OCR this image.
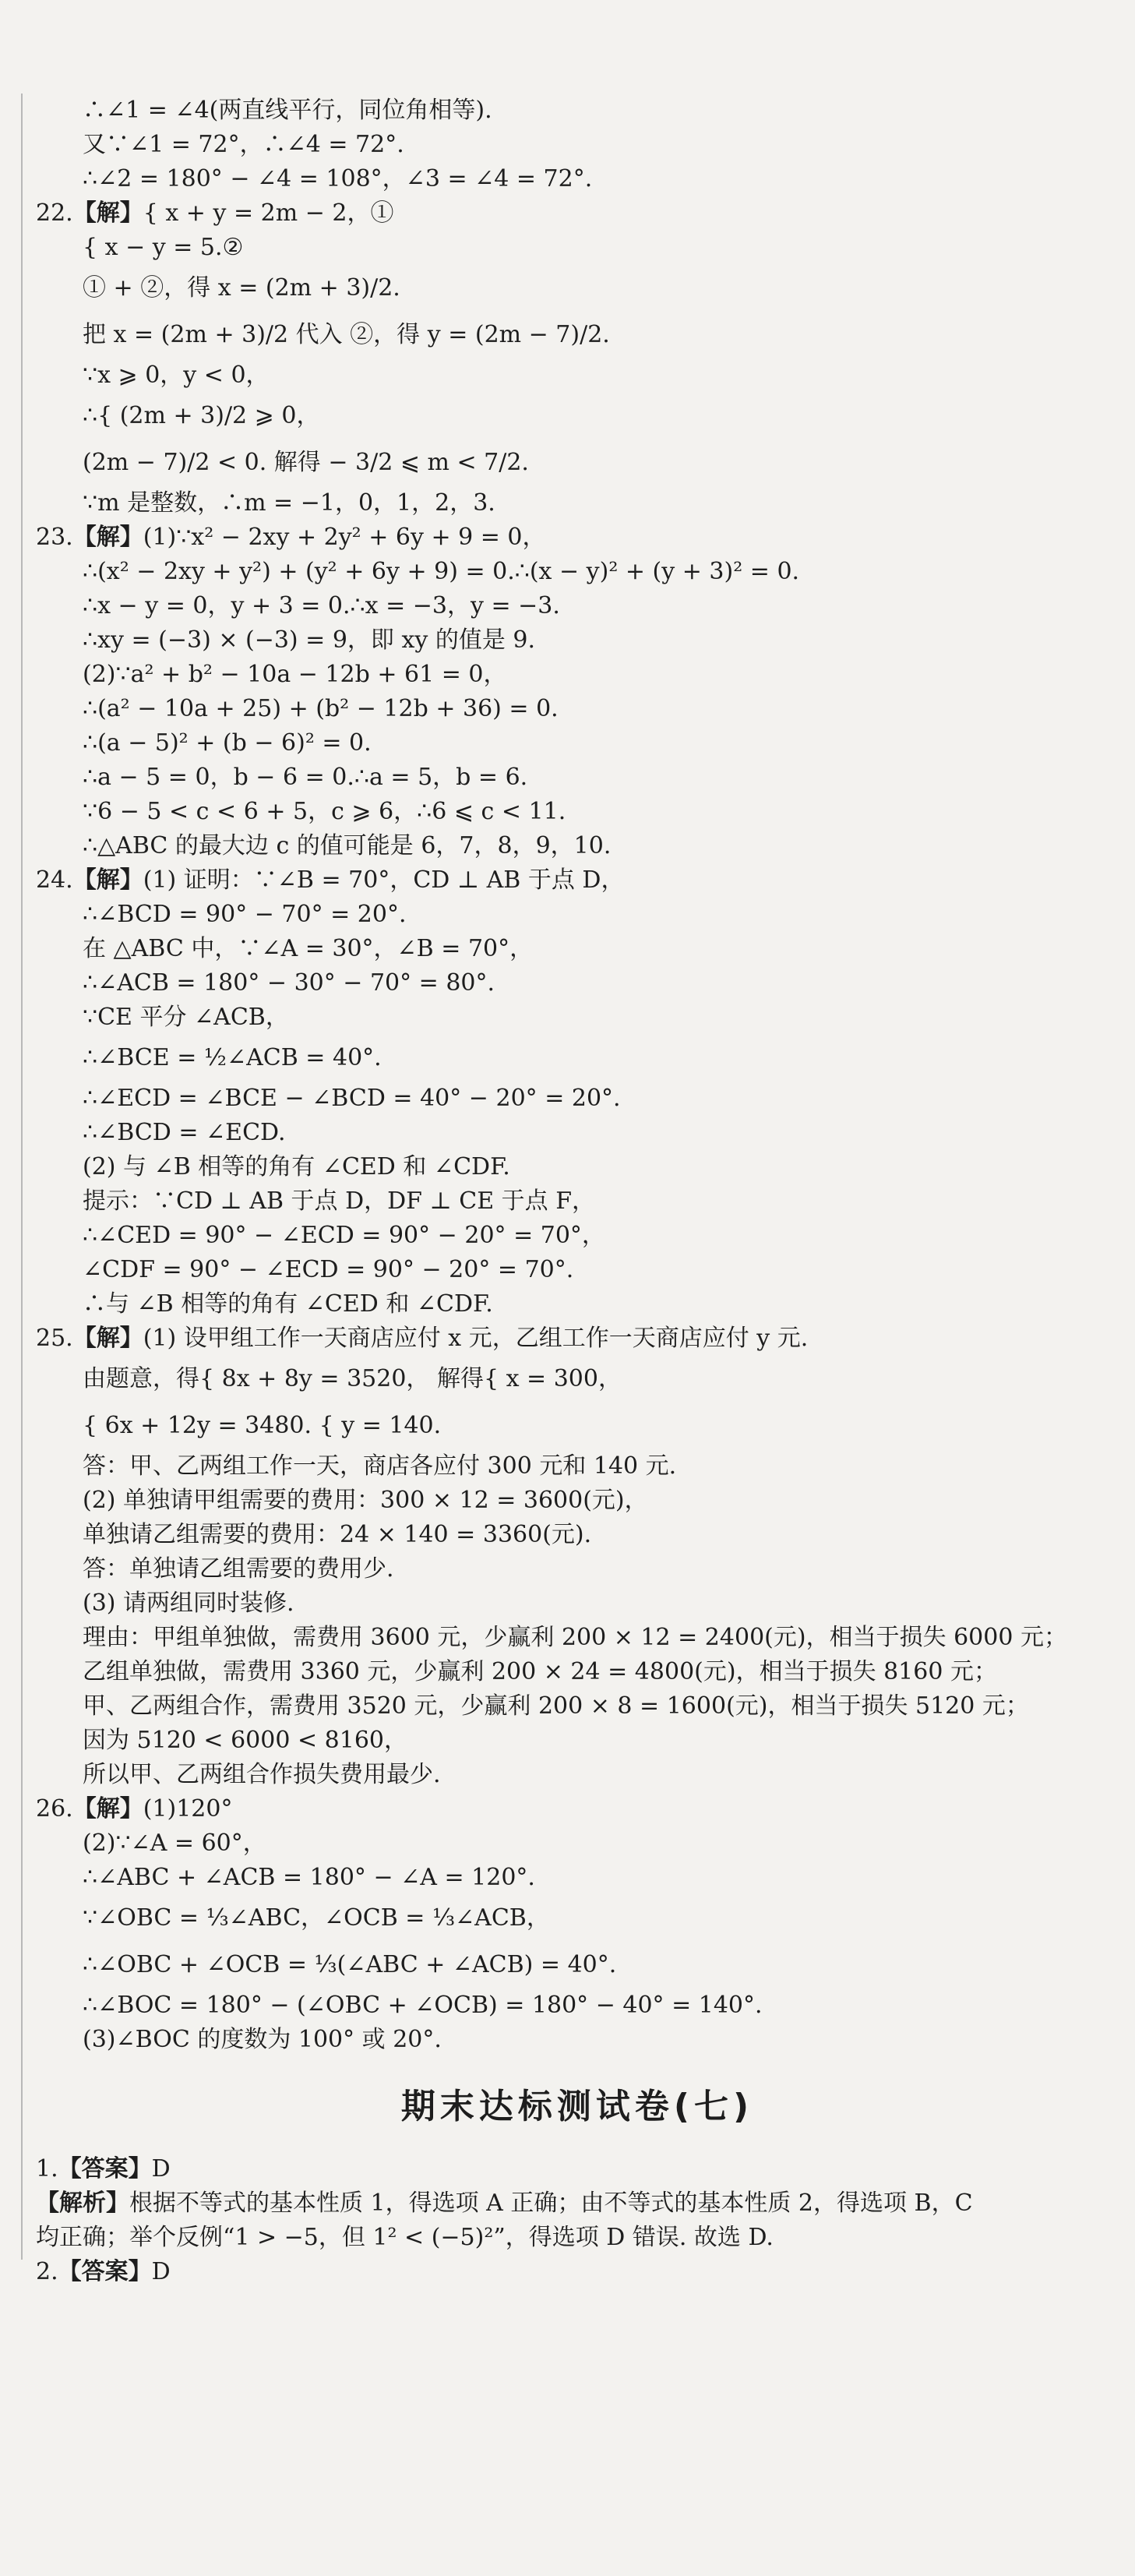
∴∠1 = ∠4(两直线平行，同位角相等).
又∵∠1 = 72°，∴∠4 = 72°.
∴∠2 = 180° − ∠4 = 108°，∠3 = ∠4 = 72°.
22.【解】{ x + y = 2m − 2，①
{ x − y = 5.②
① + ②，得 x = (2m + 3)/2.
把 x = (2m + 3)/2 代入 ②，得 y = (2m − 7)/2.
∵x ⩾ 0，y < 0，
∴{ (2m + 3)/2 ⩾ 0，
(2m − 7)/2 < 0. 解得 − 3/2 ⩽ m < 7/2.
∵m 是整数，∴m = −1，0，1，2，3.
23.【解】(1)∵x² − 2xy + 2y² + 6y + 9 = 0，
∴(x² − 2xy + y²) + (y² + 6y + 9) = 0.∴(x − y)² + (y + 3)² = 0.
∴x − y = 0，y + 3 = 0.∴x = −3，y = −3.
∴xy = (−3) × (−3) = 9，即 xy 的值是 9.
(2)∵a² + b² − 10a − 12b + 61 = 0，
∴(a² − 10a + 25) + (b² − 12b + 36) = 0.
∴(a − 5)² + (b − 6)² = 0.
∴a − 5 = 0，b − 6 = 0.∴a = 5，b = 6.
∵6 − 5 < c < 6 + 5，c ⩾ 6，∴6 ⩽ c < 11.
∴△ABC 的最大边 c 的值可能是 6，7，8，9，10.
24.【解】(1) 证明：∵∠B = 70°，CD ⊥ AB 于点 D，
∴∠BCD = 90° − 70° = 20°.
在 △ABC 中，∵∠A = 30°，∠B = 70°，
∴∠ACB = 180° − 30° − 70° = 80°.
∵CE 平分 ∠ACB，
∴∠BCE = ½∠ACB = 40°.
∴∠ECD = ∠BCE − ∠BCD = 40° − 20° = 20°.
∴∠BCD = ∠ECD.
(2) 与 ∠B 相等的角有 ∠CED 和 ∠CDF.
提示：∵CD ⊥ AB 于点 D，DF ⊥ CE 于点 F，
∴∠CED = 90° − ∠ECD = 90° − 20° = 70°，
∠CDF = 90° − ∠ECD = 90° − 20° = 70°.
∴与 ∠B 相等的角有 ∠CED 和 ∠CDF.
25.【解】(1) 设甲组工作一天商店应付 x 元，乙组工作一天商店应付 y 元.
由题意，得{ 8x + 8y = 3520， 解得{ x = 300，
{ 6x + 12y = 3480. { y = 140.
答：甲、乙两组工作一天，商店各应付 300 元和 140 元.
(2) 单独请甲组需要的费用：300 × 12 = 3600(元)，
单独请乙组需要的费用：24 × 140 = 3360(元).
答：单独请乙组需要的费用少.
(3) 请两组同时装修.
理由：甲组单独做，需费用 3600 元，少赢利 200 × 12 = 2400(元)，相当于损失 6000 元；
乙组单独做，需费用 3360 元，少赢利 200 × 24 = 4800(元)，相当于损失 8160 元；
甲、乙两组合作，需费用 3520 元，少赢利 200 × 8 = 1600(元)，相当于损失 5120 元；
因为 5120 < 6000 < 8160，
所以甲、乙两组合作损失费用最少.
26.【解】(1)120°
(2)∵∠A = 60°，
∴∠ABC + ∠ACB = 180° − ∠A = 120°.
∵∠OBC = ⅓∠ABC，∠OCB = ⅓∠ACB，
∴∠OBC + ∠OCB = ⅓(∠ABC + ∠ACB) = 40°.
∴∠BOC = 180° − (∠OBC + ∠OCB) = 180° − 40° = 140°.
(3)∠BOC 的度数为 100° 或 20°.
期末达标测试卷(七)
1.【答案】D
【解析】根据不等式的基本性质 1，得选项 A 正确；由不等式的基本性质 2，得选项 B，C
均正确；举个反例“1 > −5，但 1² < (−5)²”，得选项 D 错误. 故选 D.
2.【答案】D
